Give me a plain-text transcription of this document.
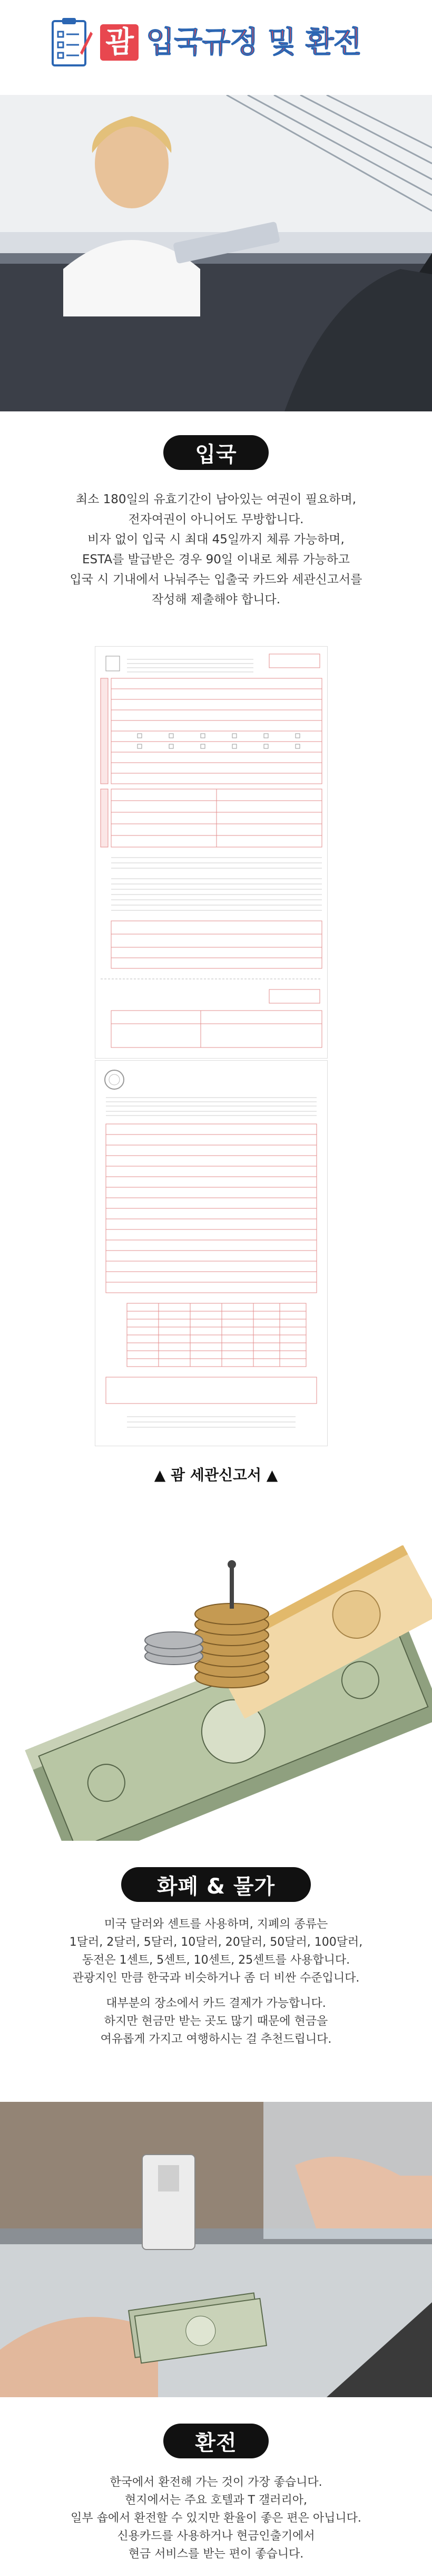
괌 입국규정 및 환전
입국

최소 180일의 유효기간이 남아있는 여권이 필요하며,

전자여권이 아니어도 무방합니다.

비자 없이 입국 시 최대 45일까지 체류 가능하며,

ESTA를 발급받은 경우 90일 이내로 체류 가능하고

입국 시 기내에서 나눠주는 입출국 카드와 세관신고서를

작성해 제출해야 합니다.

▲ 괌 세관신고서 ▲
화폐 & 물가

미국 달러와 센트를 사용하며, 지폐의 종류는

1달러, 2달러, 5달러, 10달러, 20달러, 50달러, 100달러,

동전은 1센트, 5센트, 10센트, 25센트를 사용합니다.

관광지인 만큼 한국과 비슷하거나 좀 더 비싼 수준입니다.

대부분의 장소에서 카드 결제가 가능합니다.

하지만 현금만 받는 곳도 많기 때문에 현금을

여유롭게 가지고 여행하시는 걸 추천드립니다.

환전

한국에서 환전해 가는 것이 가장 좋습니다.

현지에서는 주요 호텔과 T 갤러리아,

일부 숍에서 환전할 수 있지만 환율이 좋은 편은 아닙니다.

신용카드를 사용하거나 현금인출기에서

현금 서비스를 받는 편이 좋습니다.
